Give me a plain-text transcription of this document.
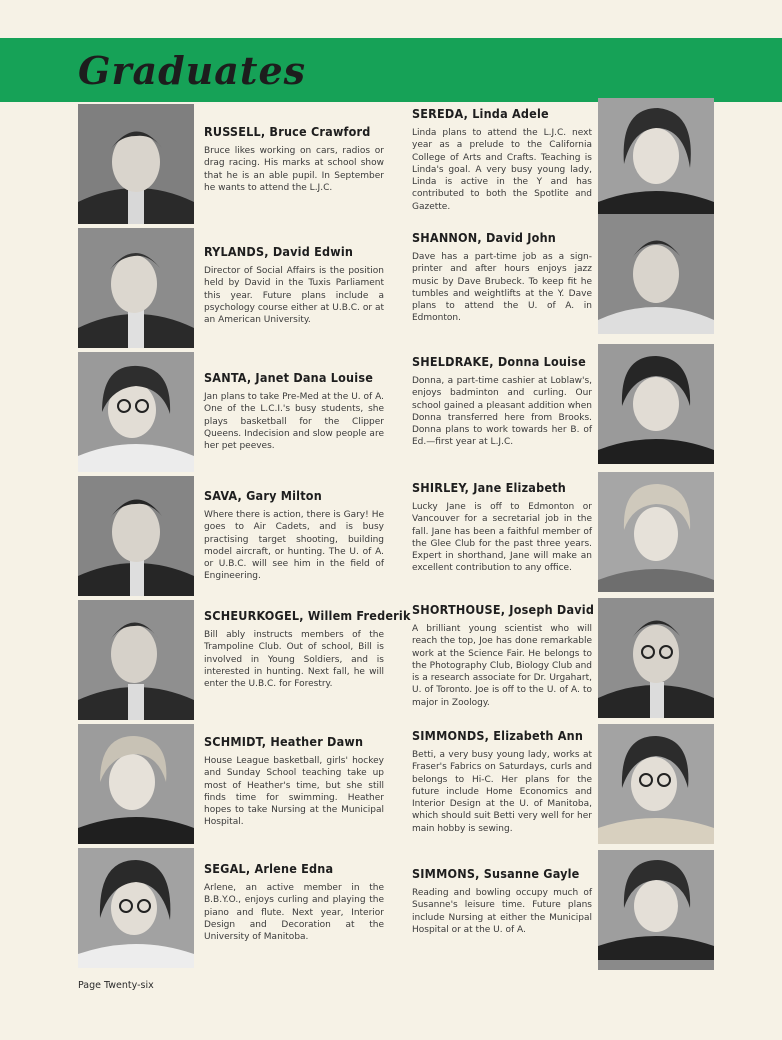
Graduates
RUSSELL, Bruce Crawford
Bruce likes working on cars, radios or drag racing. His marks at school show that he is an able pupil. In September he wants to attend the L.J.C.
RYLANDS, David Edwin
Director of Social Affairs is the position held by David in the Tuxis Parliament this year. Future plans include a psychology course either at U.B.C. or at an American University.
SANTA, Janet Dana Louise
Jan plans to take Pre-Med at the U. of A. One of the L.C.I.'s busy students, she plays basketball for the Clipper Queens. Indecision and slow people are her pet peeves.
SAVA, Gary Milton
Where there is action, there is Gary! He goes to Air Cadets, and is busy practising target shooting, building model aircraft, or hunting. The U. of A. or U.B.C. will see him in the field of Engineering.
SCHEURKOGEL, Willem Frederik
Bill ably instructs members of the Trampoline Club. Out of school, Bill is involved in Young Soldiers, and is interested in hunting. Next fall, he will enter the U.B.C. for Forestry.
SCHMIDT, Heather Dawn
House League basketball, girls' hockey and Sunday School teaching take up most of Heather's time, but she still finds time for swimming. Heather hopes to take Nursing at the Municipal Hospital.
SEGAL, Arlene Edna
Arlene, an active member in the B.B.Y.O., enjoys curling and playing the piano and flute. Next year, Interior Design and Decoration at the University of Manitoba.
SEREDA, Linda Adele
Linda plans to attend the L.J.C. next year as a prelude to the California College of Arts and Crafts. Teaching is Linda's goal. A very busy young lady, Linda is active in the Y and has contributed to both the Spotlite and Gazette.
SHANNON, David John
Dave has a part-time job as a sign-printer and after hours enjoys jazz music by Dave Brubeck. To keep fit he tumbles and weightlifts at the Y. Dave plans to attend the U. of A. in Edmonton.
SHELDRAKE, Donna Louise
Donna, a part-time cashier at Loblaw's, enjoys badminton and curling. Our school gained a pleasant addition when Donna transferred here from Brooks. Donna plans to work towards her B. of Ed.—first year at L.J.C.
SHIRLEY, Jane Elizabeth
Lucky Jane is off to Edmonton or Vancouver for a secretarial job in the fall. Jane has been a faithful member of the Glee Club for the past three years. Expert in shorthand, Jane will make an excellent contribution to any office.
SHORTHOUSE, Joseph David
A brilliant young scientist who will reach the top, Joe has done remarkable work at the Science Fair. He belongs to the Photography Club, Biology Club and is a research associate for Dr. Urgahart, U. of Toronto. Joe is off to the U. of A. to major in Zoology.
SIMMONDS, Elizabeth Ann
Betti, a very busy young lady, works at Fraser's Fabrics on Saturdays, curls and belongs to Hi-C. Her plans for the future include Home Economics and Interior Design at the U. of Manitoba, which should suit Betti very well for her main hobby is sewing.
SIMMONS, Susanne Gayle
Reading and bowling occupy much of Susanne's leisure time. Future plans include Nursing at either the Municipal Hospital or at the U. of A.
Page Twenty-six
